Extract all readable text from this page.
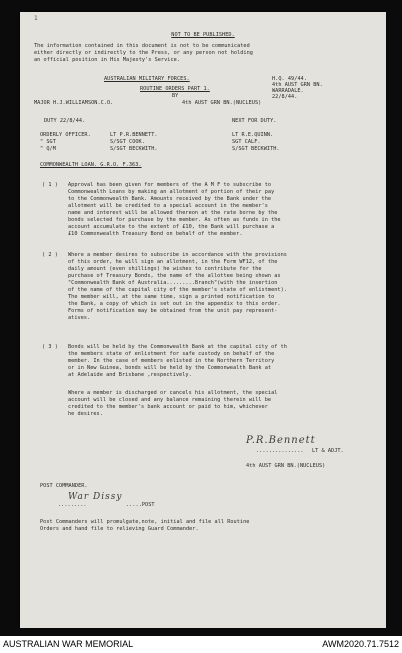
1
NOT TO BE PUBLISHED.
The information contained in this document is not to be communicated
either directly or indirectly to the Press, or any person not holding
an official position in His Majesty's Service.
AUSTRALIAN MILITARY FORCES.	H.Q. 49/44.
4th AUST GRN BN.
WARRADALE.
22/8/44.
ROUTINE ORDERS PART 1.
BY
MAJOR H.J.WILLIAMSON.C.O.	4th AUST GRN BN.(NUCLEUS)
DUTY 22/8/44.	NEXT FOR DUTY.
ORDERLY OFFICER.	LT P.R.BENNETT.	LT R.E.QUINN.
" SGT	S/SGT COOK.	SGT CALF.
" Q/M	S/SGT BECKWITH.	S/SGT BECKWITH.
COMMONWEALTH LOAN. G.R.O. F.363.
( 1 ) Approval has been given for members of the A M F to subscribe to
Commonwealth Loans by making an allotment of portion of their pay
to the Commonwealth Bank. Amounts received by the Bank under the
allotment will be credited to a special account in the member's
name and interest will be allowed thereon at the rate borne by the
bonds selected for purchase by the member. As often as funds in the
account accumulate to the extent of £10, the Bank will purchase a
£10 Commonwealth Treasury Bond on behalf of the member.
( 2 ) Where a member desires to subscribe in accordance with the provisions
of this order, he will sign an allotment, in the Form WF12, of the
daily amount (even shillings) he wishes to contribute for the
purchase of Treasury Bonds, the name of the allottee being shown as
"Commonwealth Bank of Australia.........Branch"(with the insertion
of the name of the capital city of the member's state of enlistment).
The member will, at the same time, sign a printed notification to
the Bank, a copy of which is set out in the appendix to this order.
Forms of notification may be obtained from the unit pay represent-
atives.
( 3 ) Bonds will be held by the Commonwealth Bank at the capital city of th
the members state of enlistment for safe custody on behalf of the
member. In the case of members enlisted in the Northern Territory
or in New Guinea, bonds will be held by the Commonwealth Bank at
at Adelaide and Brisbane ,respectively.
Where a member is discharged or cancels his allotment, the special
account will be closed and any balance remaining therein will be
credited to the member's bank account or paid to him, whichever
he desires.
P.R.Bennett
............... LT & ADJT.
4th AUST GRN BN.(NUCLEUS)
POST COMMANDER.
.........
War Dissy
.....POST
Post Commanders will promulgate,note, initial and file all Routine
Orders and hand file to relieving Guard Commander.
AUSTRALIAN WAR MEMORIAL	AWM2020.71.7512
